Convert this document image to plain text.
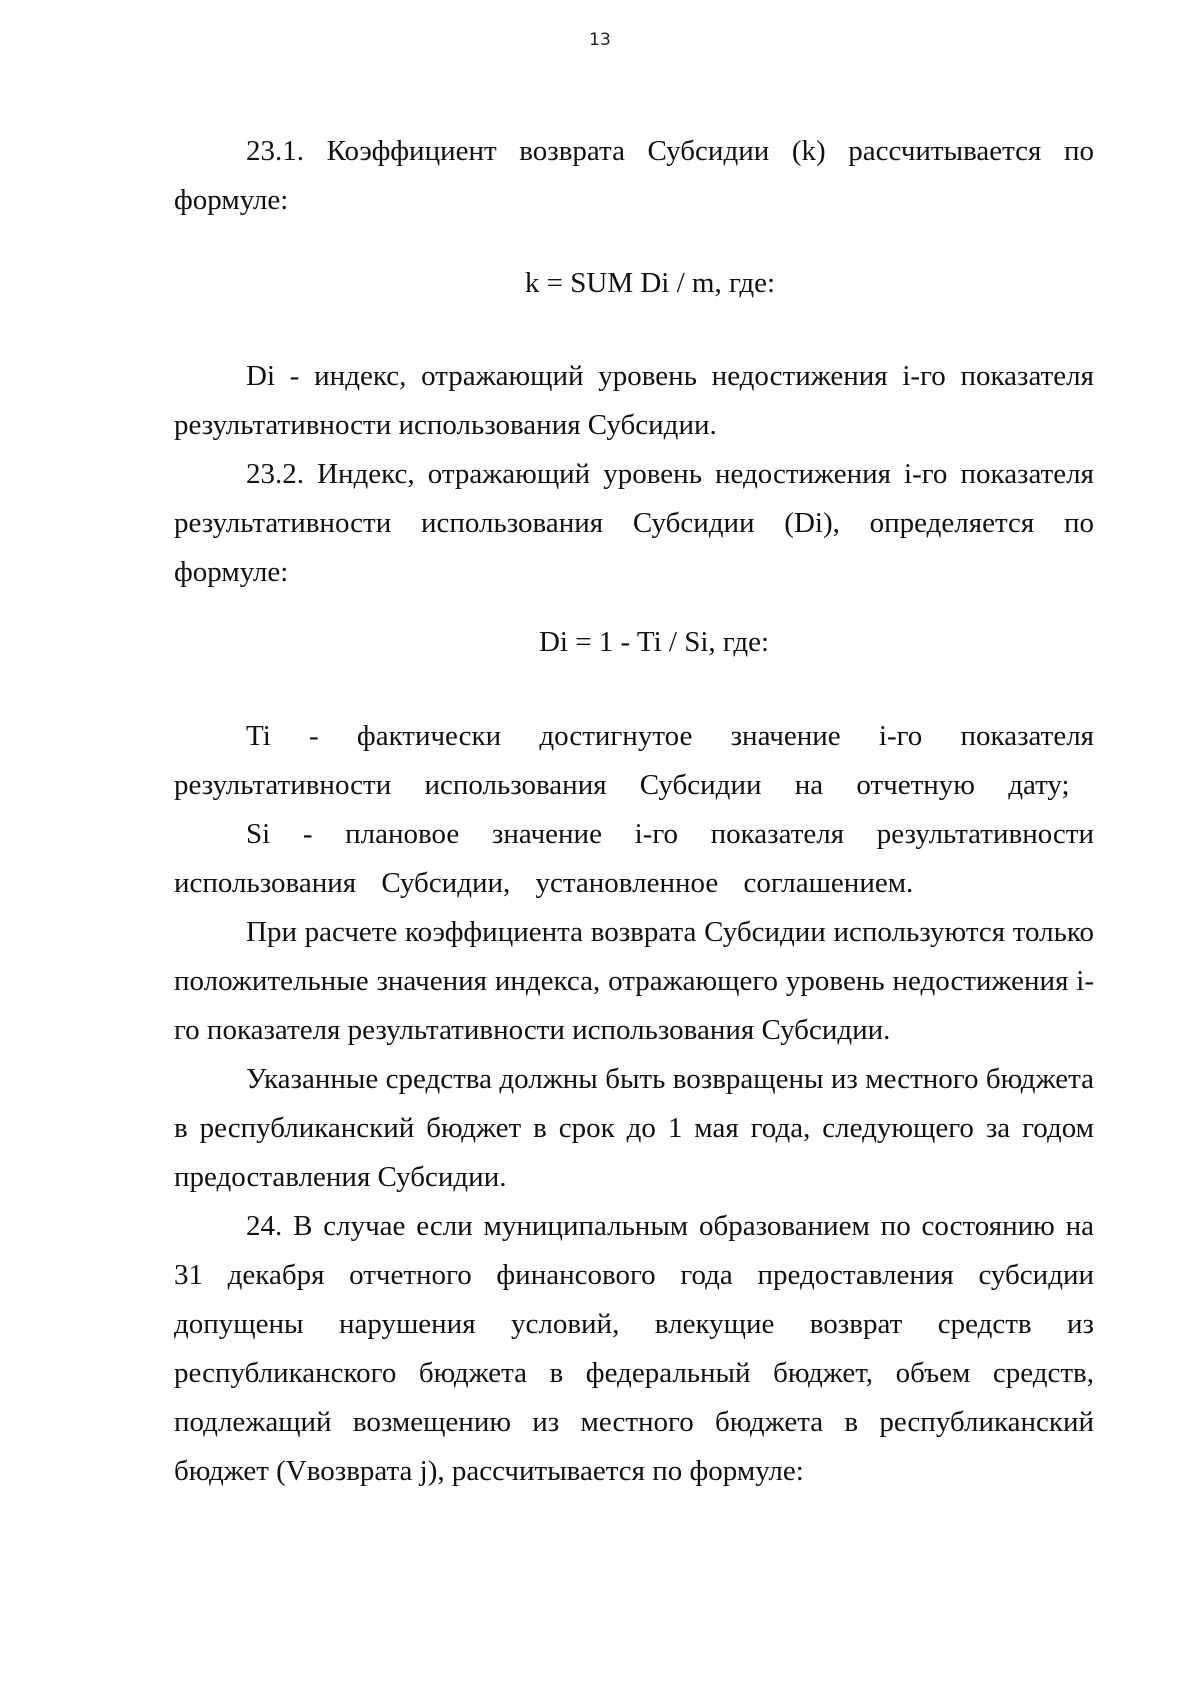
13

23.1. Коэффициент возврата Субсидии (k) рассчитывается по формуле:

k = SUM Di / m, где:

Di - индекс, отражающий уровень недостижения i-го показателя результативности использования Субсидии.

23.2. Индекс, отражающий уровень недостижения i-го показателя результативности использования Субсидии (Di), определяется по формуле:

Di = 1 - Ti / Si, где:

Ti - фактически достигнутое значение i-го показателя результативности использования Субсидии на отчетную дату;

Si - плановое значение i-го показателя результативности использования Субсидии, установленное соглашением.

При расчете коэффициента возврата Субсидии используются только положительные значения индекса, отражающего уровень недостижения i-го показателя результативности использования Субсидии.

Указанные средства должны быть возвращены из местного бюджета в республиканский бюджет в срок до 1 мая года, следующего за годом предоставления Субсидии.

24. В случае если муниципальным образованием по состоянию на 31 декабря отчетного финансового года предоставления субсидии допущены нарушения условий, влекущие возврат средств из республиканского бюджета в федеральный бюджет, объем средств, подлежащий возмещению из местного бюджета в республиканский бюджет (Vвозврата j), рассчитывается по формуле:
